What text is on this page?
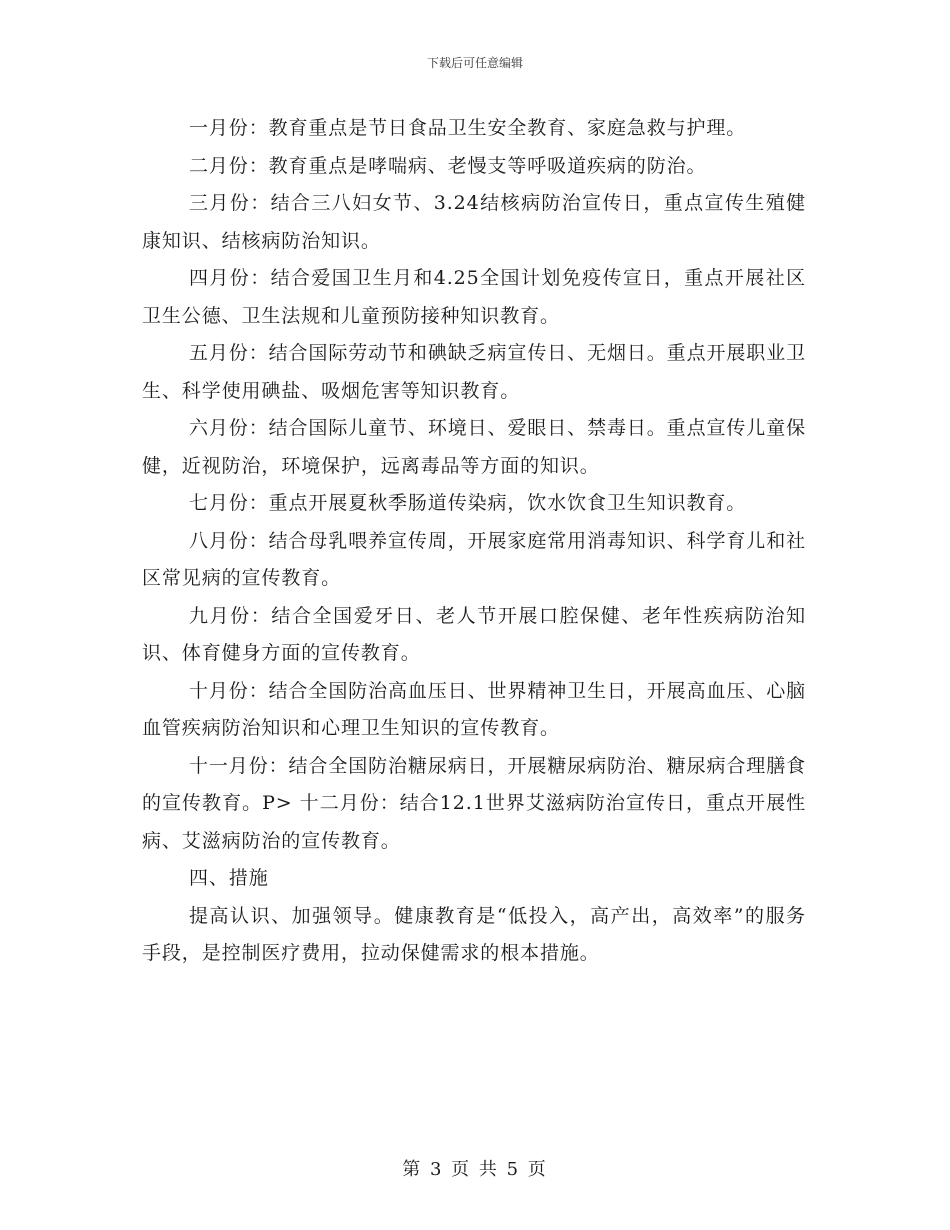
下载后可任意编辑

一月份：教育重点是节日食品卫生安全教育、家庭急救与护理。

二月份：教育重点是哮喘病、老慢支等呼吸道疾病的防治。

三月份：结合三八妇女节、3.24结核病防治宣传日，重点宣传生殖健康知识、结核病防治知识。

四月份：结合爱国卫生月和4.25全国计划免疫传宣日，重点开展社区卫生公德、卫生法规和儿童预防接种知识教育。

五月份：结合国际劳动节和碘缺乏病宣传日、无烟日。重点开展职业卫生、科学使用碘盐、吸烟危害等知识教育。

六月份：结合国际儿童节、环境日、爱眼日、禁毒日。重点宣传儿童保健，近视防治，环境保护，远离毒品等方面的知识。

七月份：重点开展夏秋季肠道传染病，饮水饮食卫生知识教育。

八月份：结合母乳喂养宣传周，开展家庭常用消毒知识、科学育儿和社区常见病的宣传教育。

九月份：结合全国爱牙日、老人节开展口腔保健、老年性疾病防治知识、体育健身方面的宣传教育。

十月份：结合全国防治高血压日、世界精神卫生日，开展高血压、心脑血管疾病防治知识和心理卫生知识的宣传教育。

十一月份：结合全国防治糖尿病日，开展糖尿病防治、糖尿病合理膳食的宣传教育。P> 十二月份：结合12.1世界艾滋病防治宣传日，重点开展性病、艾滋病防治的宣传教育。

四、措施

提高认识、加强领导。健康教育是“低投入，高产出，高效率”的服务手段，是控制医疗费用，拉动保健需求的根本措施。

第 3 页 共 5 页
